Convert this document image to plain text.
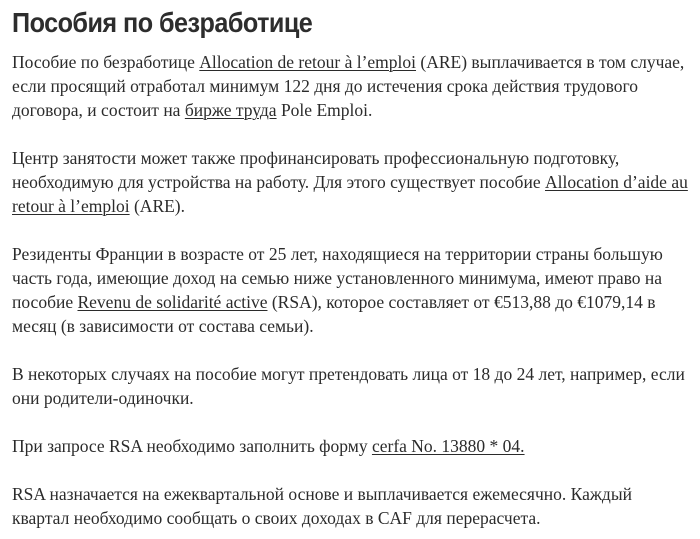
Пособия по безработице

Пособие по безработице Allocation de retour à l’emploi (ARE) выплачивается в том случае, если просящий отработал минимум 122 дня до истечения срока действия трудового договора, и состоит на бирже труда Pole Emploi.

Центр занятости может также профинансировать профессиональную подготовку, необходимую для устройства на работу. Для этого существует пособие Allocation d’aide au retour à l’emploi (ARE).

Резиденты Франции в возрасте от 25 лет, находящиеся на территории страны большую часть года, имеющие доход на семью ниже установленного минимума, имеют право на пособие Revenu de solidarité active (RSA), которое составляет от €513,88 до €1079,14 в месяц (в зависимости от состава семьи).

В некоторых случаях на пособие могут претендовать лица от 18 до 24 лет, например, если они родители-одиночки.

При запросе RSA необходимо заполнить форму cerfa No. 13880 * 04.

RSA назначается на ежеквартальной основе и выплачивается ежемесячно. Каждый квартал необходимо сообщать о своих доходах в CAF для перерасчета.
